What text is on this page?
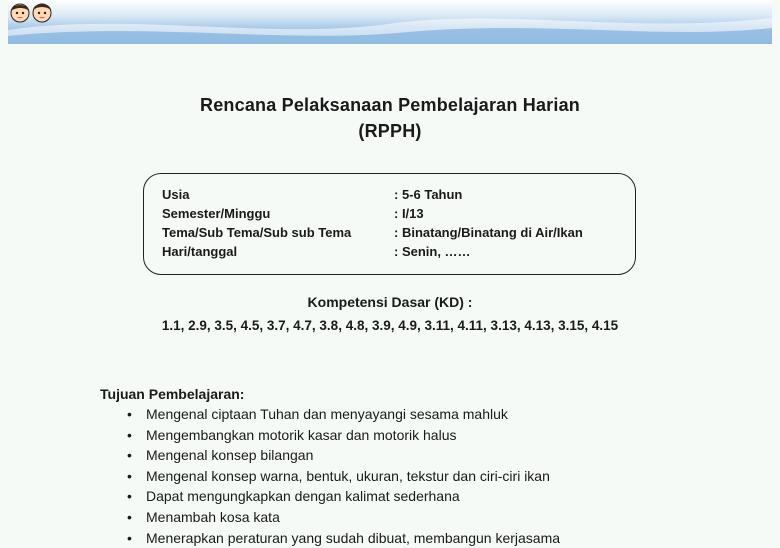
Rencana Pelaksanaan Pembelajaran Harian
(RPPH)
Usia	: 5-6 Tahun
Semester/Minggu	: I/13
Tema/Sub Tema/Sub sub Tema	: Binatang/Binatang di Air/Ikan
Hari/tanggal	: Senin, ……
Kompetensi Dasar (KD) :
1.1, 2.9, 3.5, 4.5, 3.7, 4.7, 3.8, 4.8, 3.9, 4.9, 3.11, 4.11, 3.13, 4.13, 3.15, 4.15
Tujuan Pembelajaran:
• Mengenal ciptaan Tuhan dan menyayangi sesama mahluk
• Mengembangkan motorik kasar dan motorik halus
• Mengenal konsep bilangan
• Mengenal konsep warna, bentuk, ukuran, tekstur dan ciri-ciri ikan
• Dapat mengungkapkan dengan kalimat sederhana
• Menambah kosa kata
• Menerapkan peraturan yang sudah dibuat, membangun kerjasama
